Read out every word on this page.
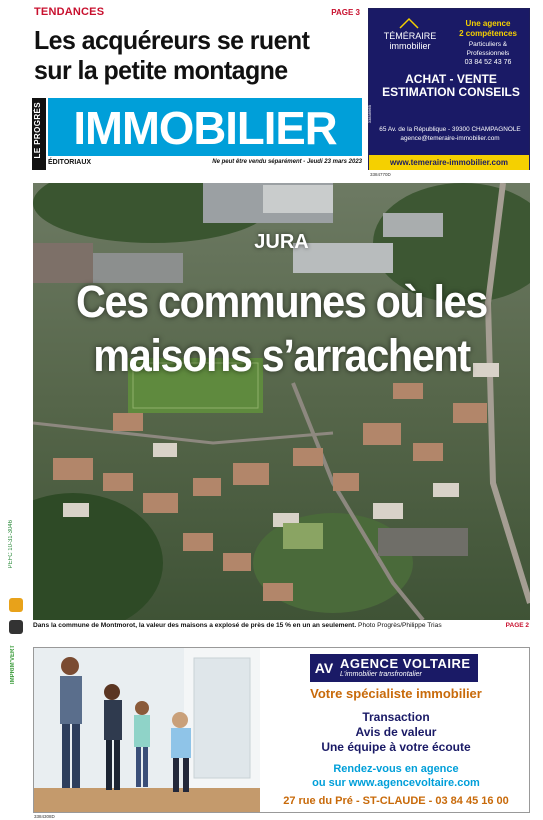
TENDANCES	PAGE 3
Les acquéreurs se ruent sur la petite montagne
TÉMÉRAIRE
immobilier
Une agence
2 compétences
Particuliers & Professionnels
03 84 52 43 76
ACHAT - VENTE ESTIMATION CONSEILS
3383896B
65 Av. de la République - 39300 CHAMPAGNOLE
agence@temeraire-immobilier.com
www.temeraire-immobilier.com
3384770D
LE PROGRÈS IMMOBILIER
ÉDITORIAUX	Ne peut être vendu séparément - Jeudi 23 mars 2023
JURA
Ces communes où les maisons s’arrachent
Dans la commune de Montmorot, la valeur des maisons a explosé de près de 15 % en un an seulement. Photo Progrès/Philippe Trias	PAGE 2
PEFC 10-31-3046
IMPRIM'VERT	AV AGENCE VOLTAIRE
L'immobilier transfrontalier
Votre spécialiste immobilier
Transaction
Avis de valeur
Une équipe à votre écoute
Rendez-vous en agence
ou sur www.agencevoltaire.com
27 rue du Pré - ST-CLAUDE - 03 84 45 16 00
3384308D
